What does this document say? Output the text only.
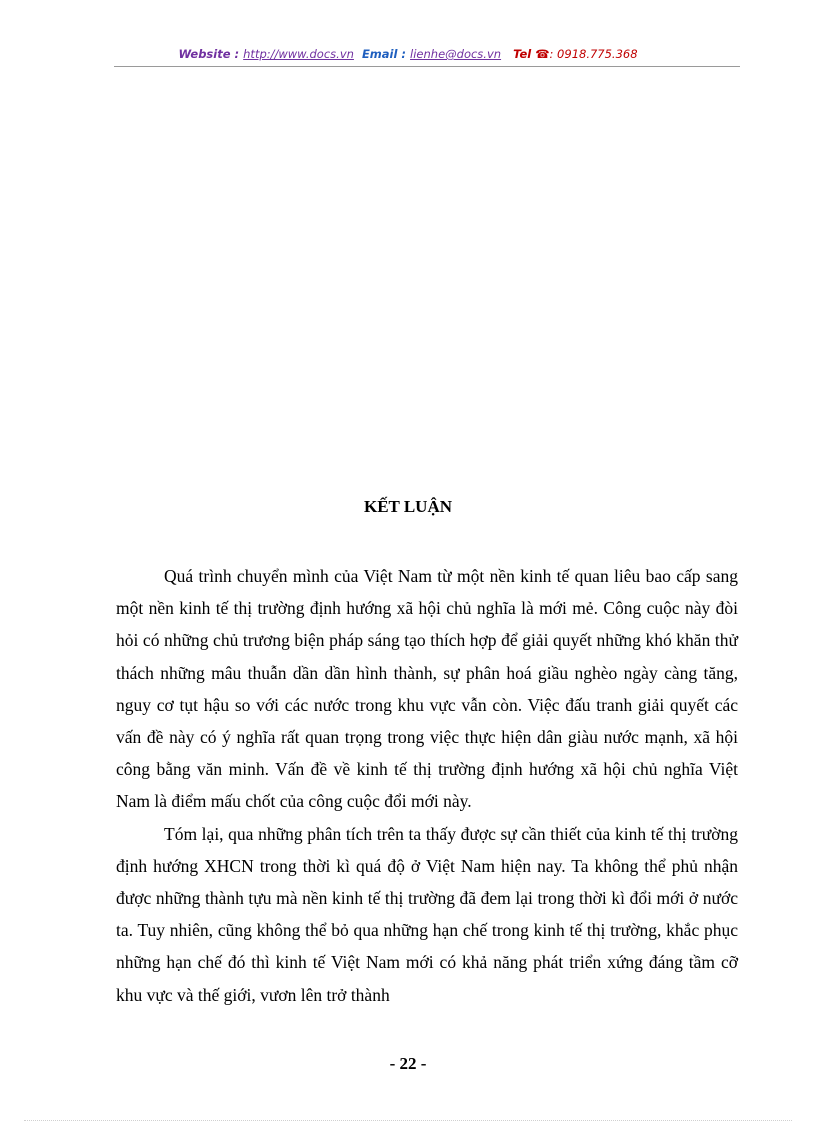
Website : http://www.docs.vn Email : lienhe@docs.vn Tel ☎: 0918.775.368
KẾT LUẬN

Quá trình chuyển mình của Việt Nam từ một nền kinh tế quan liêu bao cấp sang một nền kinh tế thị trường định hướng xã hội chủ nghĩa là mới mẻ. Công cuộc này đòi hỏi có những chủ trương biện pháp sáng tạo thích hợp để giải quyết những khó khăn thử thách những mâu thuẫn dần dần hình thành, sự phân hoá giầu nghèo ngày càng tăng, nguy cơ tụt hậu so với các nước trong khu vực vẫn còn. Việc đấu tranh giải quyết các vấn đề này có ý nghĩa rất quan trọng trong việc thực hiện dân giàu nước mạnh, xã hội công bằng văn minh. Vấn đề về kinh tế thị trường định hướng xã hội chủ nghĩa Việt Nam là điểm mấu chốt của công cuộc đổi mới này.

Tóm lại, qua những phân tích trên ta thấy được sự cần thiết của kinh tế thị trường định hướng XHCN trong thời kì quá độ ở Việt Nam hiện nay. Ta không thể phủ nhận được những thành tựu mà nền kinh tế thị trường đã đem lại trong thời kì đổi mới ở nước ta. Tuy nhiên, cũng không thể bỏ qua những hạn chế trong kinh tế thị trường, khắc phục những hạn chế đó thì kinh tế Việt Nam mới có khả năng phát triển xứng đáng tầm cỡ khu vực và thế giới, vươn lên trở thành

- 22 -
